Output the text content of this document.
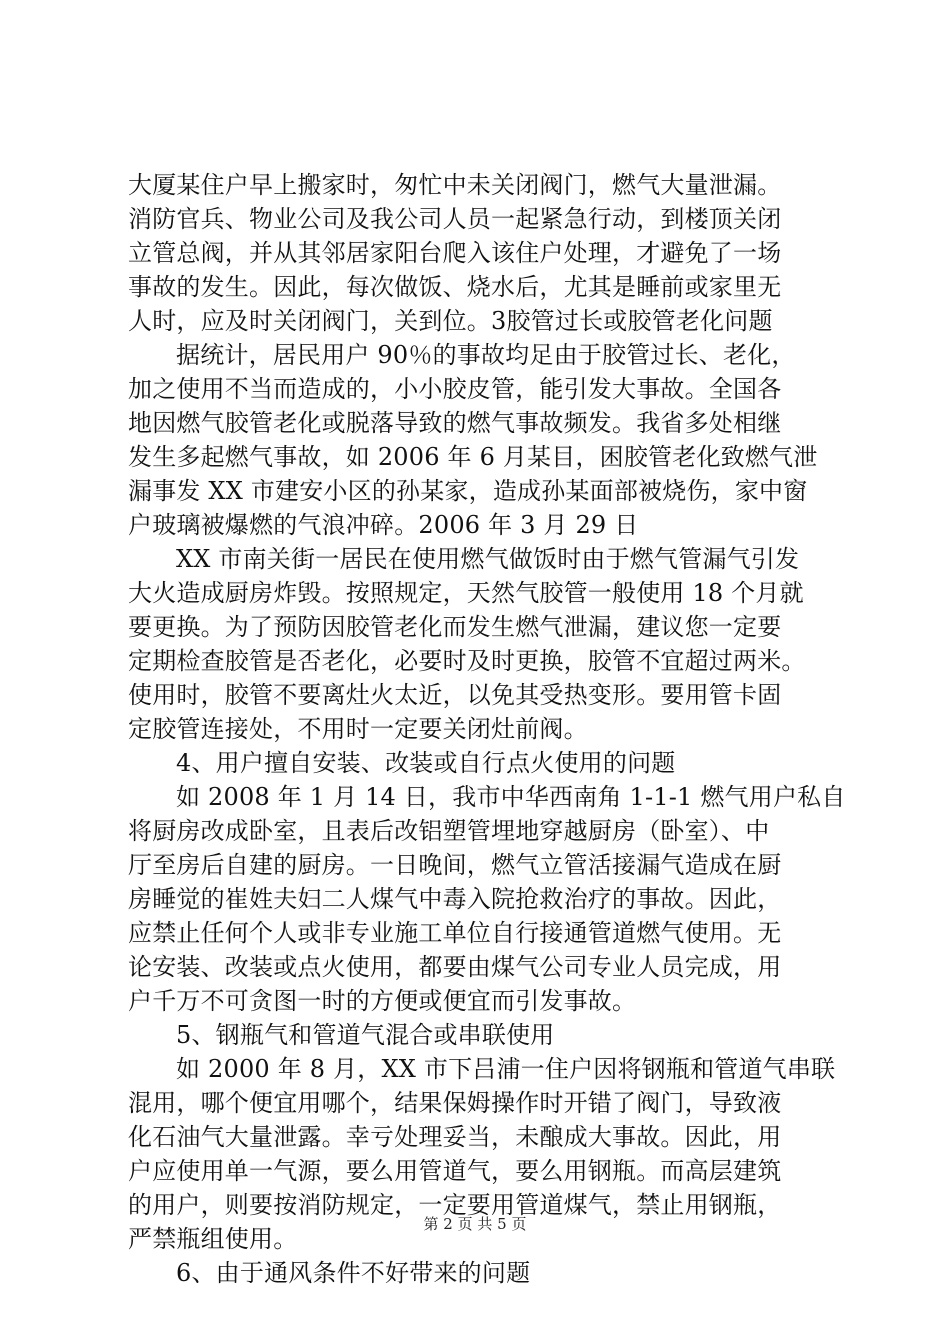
大厦某住户早上搬家时，匆忙中未关闭阀门，燃气大量泄漏。
消防官兵、物业公司及我公司人员一起紧急行动，到楼顶关闭
立管总阀，并从其邻居家阳台爬入该住户处理，才避免了一场
事故的发生。因此，每次做饭、烧水后，尤其是睡前或家里无
人时，应及时关闭阀门，关到位。3胶管过长或胶管老化问题
据统计，居民用户 90％的事故均足由于胶管过长、老化，
加之使用不当而造成的，小小胶皮管，能引发大事故。全国各
地因燃气胶管老化或脱落导致的燃气事故频发。我省多处相继
发生多起燃气事故，如 2006 年 6 月某目，困胶管老化致燃气泄
漏事发 XX 市建安小区的孙某家，造成孙某面部被烧伤，家中窗
户玻璃被爆燃的气浪冲碎。2006 年 3 月 29 日
XX 市南关街一居民在使用燃气做饭时由于燃气管漏气引发
大火造成厨房炸毁。按照规定，天然气胶管一般使用 18 个月就
要更换。为了预防因胶管老化而发生燃气泄漏，建议您一定要
定期检查胶管是否老化，必要时及时更换，胶管不宜超过两米。
使用时，胶管不要离灶火太近，以免其受热变形。要用管卡固
定胶管连接处，不用时一定要关闭灶前阀。
4、用户擅自安装、改装或自行点火使用的问题
如 2008 年 1 月 14 日，我市中华西南角 1-1-1 燃气用户私自
将厨房改成卧室，且表后改铝塑管埋地穿越厨房（卧室）、中
厅至房后自建的厨房。一日晚间，燃气立管活接漏气造成在厨
房睡觉的崔姓夫妇二人煤气中毒入院抢救治疗的事故。因此，
应禁止任何个人或非专业施工单位自行接通管道燃气使用。无
论安装、改装或点火使用，都要由煤气公司专业人员完成，用
户千万不可贪图一时的方便或便宜而引发事故。
5、钢瓶气和管道气混合或串联使用
如 2000 年 8 月，XX 市下吕浦一住户因将钢瓶和管道气串联
混用，哪个便宜用哪个，结果保姆操作时开错了阀门，导致液
化石油气大量泄露。幸亏处理妥当，未酿成大事故。因此，用
户应使用单一气源，要么用管道气，要么用钢瓶。而高层建筑
的用户，则要按消防规定，一定要用管道煤气，禁止用钢瓶，
严禁瓶组使用。
6、由于通风条件不好带来的问题
第 2 页 共 5 页
